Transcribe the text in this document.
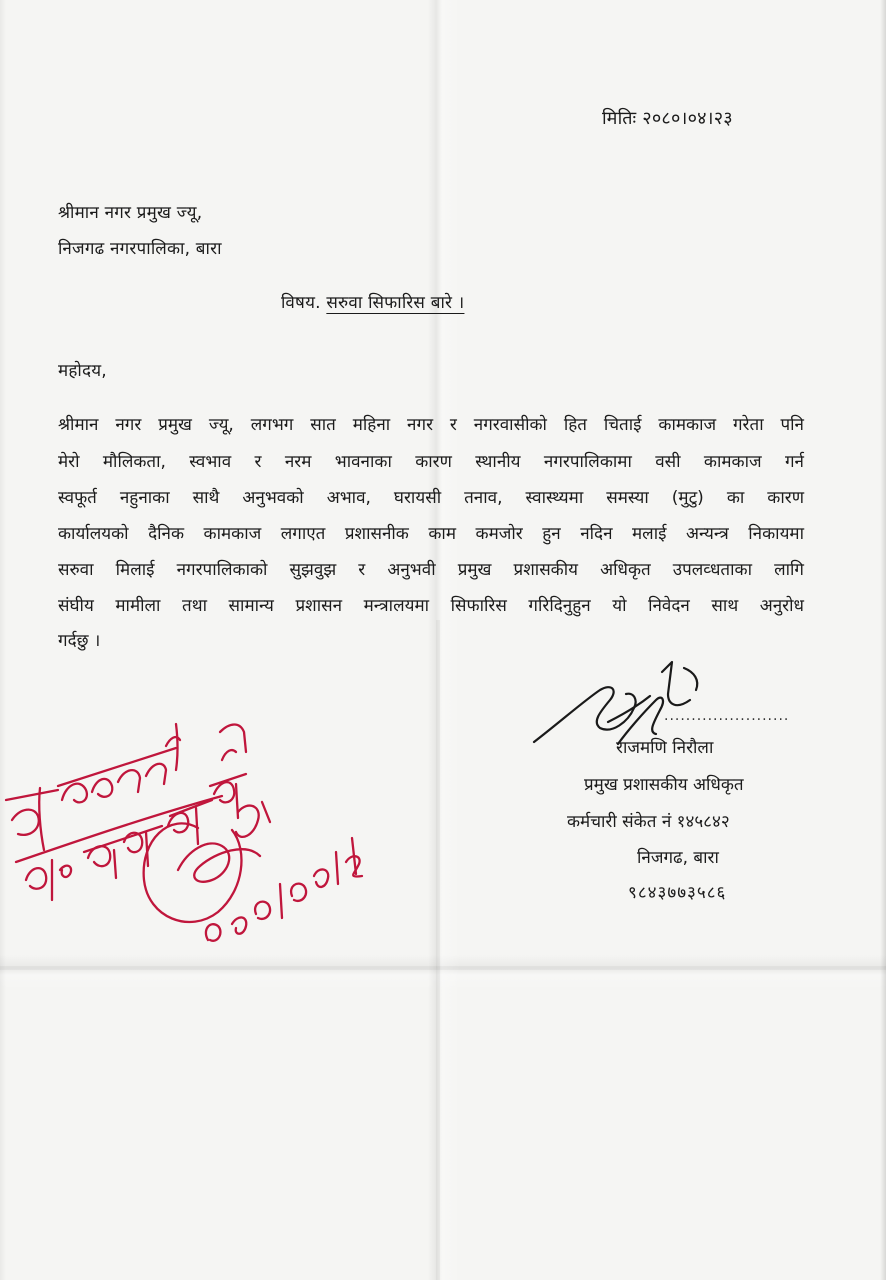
मितिः २०८०।०४।२३
श्रीमान नगर प्रमुख ज्यू,
निजगढ नगरपालिका, बारा
विषय. सरुवा सिफारिस बारे ।
महोदय,
श्रीमान नगर प्रमुख ज्यू, लगभग सात महिना नगर र नगरवासीको हित चिताई कामकाज गरेता पनि
मेरो मौलिकता, स्वभाव र नरम भावनाका कारण स्थानीय नगरपालिकामा वसी कामकाज गर्न
स्वफूर्त नहुनाका साथै अनुभवको अभाव, घरायसी तनाव, स्वास्थ्यमा समस्या (मुटु) का कारण
कार्यालयको दैनिक कामकाज लगाएत प्रशासनीक काम कमजोर हुन नदिन मलाई अन्यन्त्र निकायमा
सरुवा मिलाई नगरपालिकाको सुझवुझ र अनुभवी प्रमुख प्रशासकीय अधिकृत उपलव्धताका लागि
संघीय मामीला तथा सामान्य प्रशासन मन्त्रालयमा सिफारिस गरिदिनुहुन यो निवेदन साथ अनुरोध
गर्दछु ।
.......................
राजमणि निरौला
प्रमुख प्रशासकीय अधिकृत
कर्मचारी संकेत नं १४५८४२
निजगढ, बारा
९८४३७७३५८६
